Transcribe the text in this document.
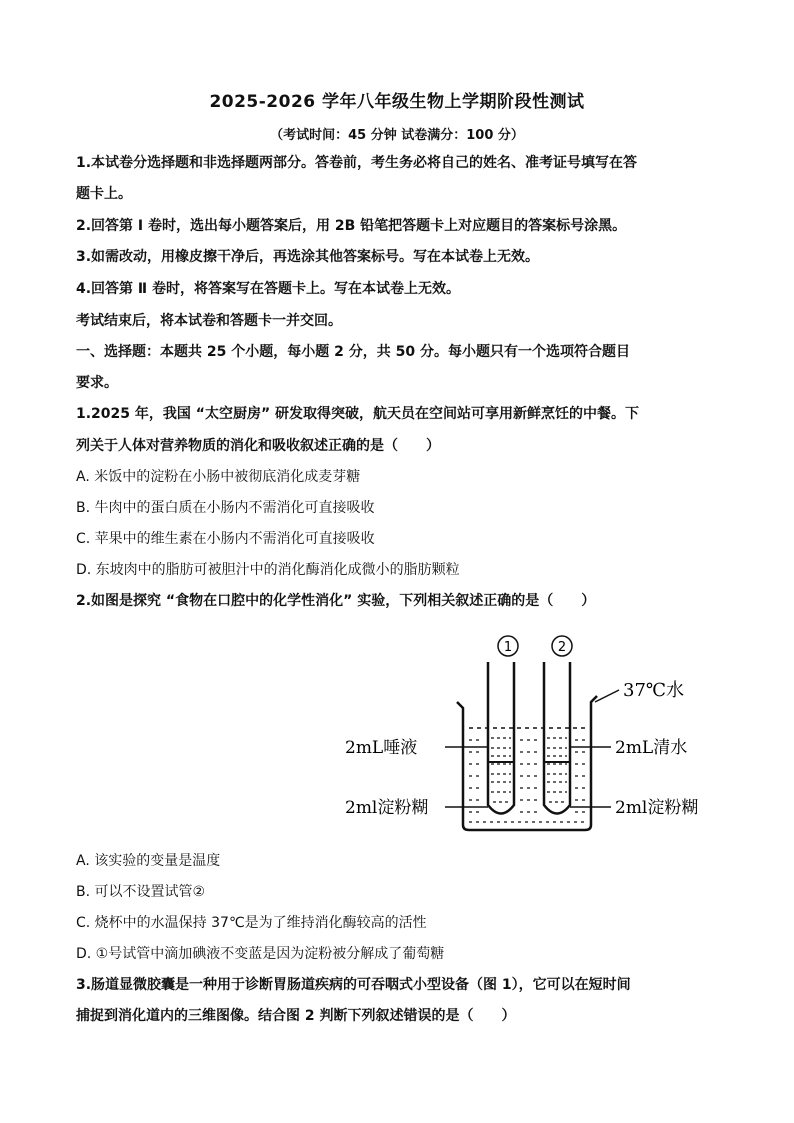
2025-2026 学年八年级生物上学期阶段性测试
（考试时间：45 分钟 试卷满分：100 分）
1.本试卷分选择题和非选择题两部分。答卷前，考生务必将自己的姓名、准考证号填写在答
题卡上。
2.回答第 Ⅰ 卷时，选出每小题答案后，用 2B 铅笔把答题卡上对应题目的答案标号涂黑。
3.如需改动，用橡皮擦干净后，再选涂其他答案标号。写在本试卷上无效。
4.回答第 Ⅱ 卷时，将答案写在答题卡上。写在本试卷上无效。
考试结束后，将本试卷和答题卡一并交回。
一、选择题：本题共 25 个小题，每小题 2 分，共 50 分。每小题只有一个选项符合题目
要求。
1.2025 年，我国 “太空厨房” 研发取得突破，航天员在空间站可享用新鲜烹饪的中餐。下
列关于人体对营养物质的消化和吸收叙述正确的是（　　）
A. 米饭中的淀粉在小肠中被彻底消化成麦芽糖
B. 牛肉中的蛋白质在小肠内不需消化可直接吸收
C. 苹果中的维生素在小肠内不需消化可直接吸收
D. 东坡肉中的脂肪可被胆汁中的消化酶消化成微小的脂肪颗粒
2.如图是探究 “食物在口腔中的化学性消化” 实验，下列相关叙述正确的是（　　）
1	2
37℃水
2mL唾液	2mL清水
2ml淀粉糊	2ml淀粉糊
A. 该实验的变量是温度
B. 可以不设置试管②
C. 烧杯中的水温保持 37℃是为了维持消化酶较高的活性
D. ①号试管中滴加碘液不变蓝是因为淀粉被分解成了葡萄糖
3.肠道显微胶囊是一种用于诊断胃肠道疾病的可吞咽式小型设备（图 1），它可以在短时间
捕捉到消化道内的三维图像。结合图 2 判断下列叙述错误的是（　　）
